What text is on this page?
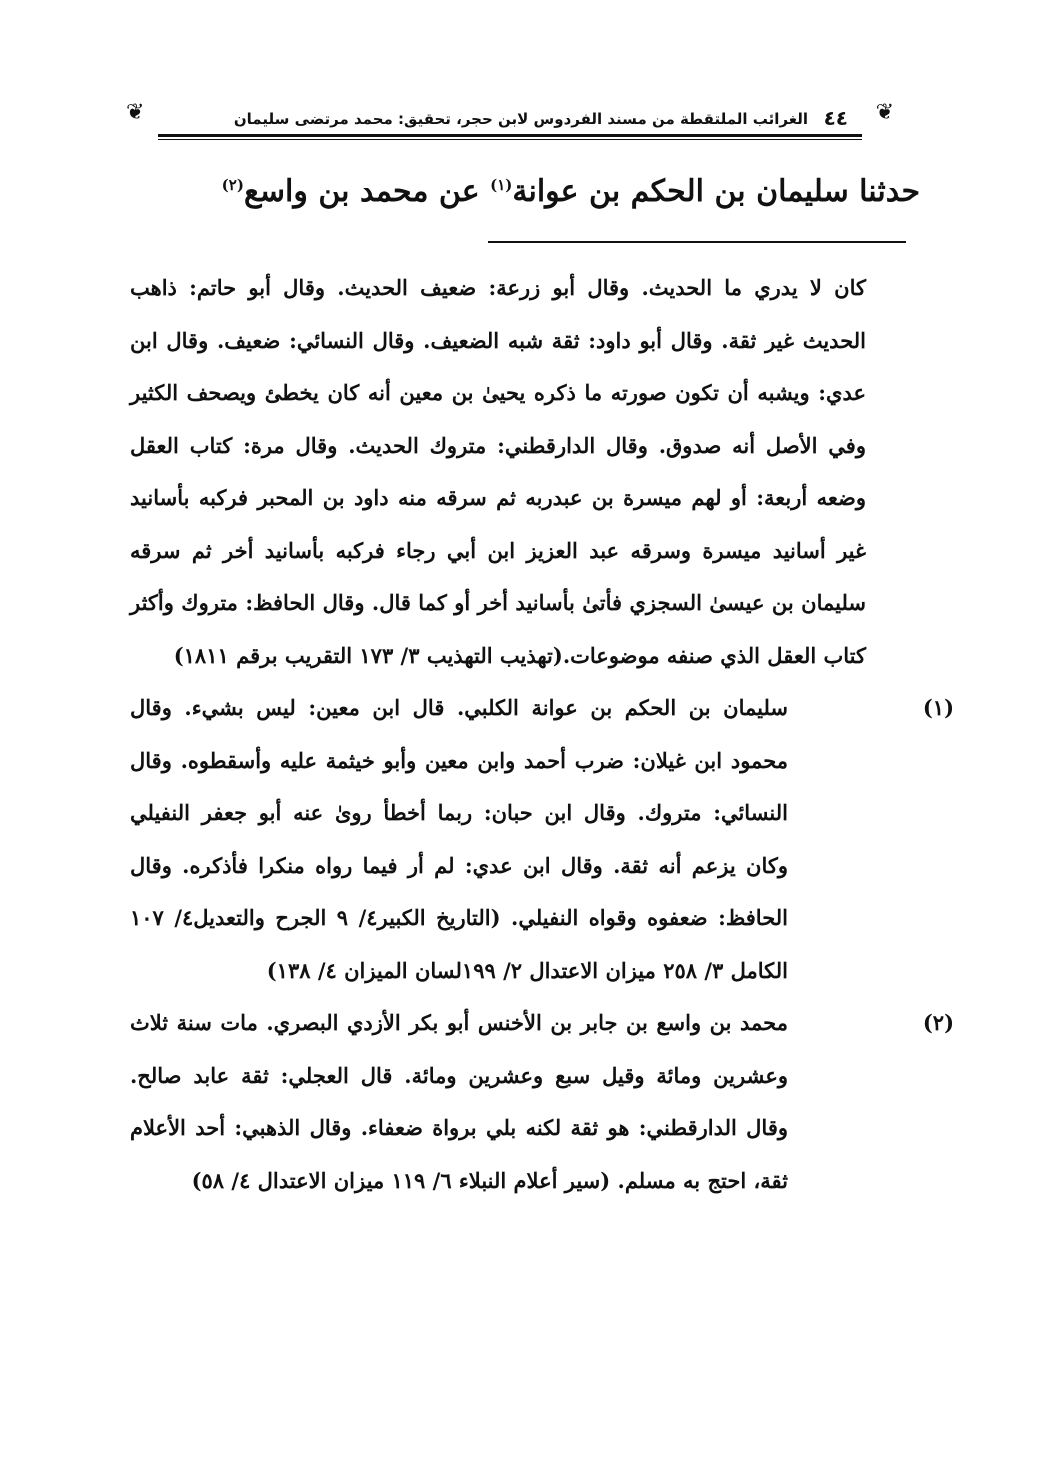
❦
٤٤
الغرائب الملتقطة من مسند الفردوس لابن حجر، تحقيق: محمد مرتضى سليمان
❦
حدثنا سليمان بن الحكم بن عوانة$^{(١)}$ عن محمد بن واسع$^{(٢)}$

كان لا يدري ما الحديث. وقال أبو زرعة: ضعيف الحديث. وقال أبو حاتم: ذاهب الحديث غير ثقة. وقال أبو داود: ثقة شبه الضعيف. وقال النسائي: ضعيف. وقال ابن عدي: ويشبه أن تكون صورته ما ذكره يحيىٰ بن معين أنه كان يخطئ ويصحف الكثير وفي الأصل أنه صدوق. وقال الدارقطني: متروك الحديث. وقال مرة: كتاب العقل وضعه أربعة: أو لهم ميسرة بن عبدربه ثم سرقه منه داود بن المحبر فركبه بأسانيد غير أسانيد ميسرة وسرقه عبد العزيز ابن أبي رجاء فركبه بأسانيد أخر ثم سرقه سليمان بن عيسىٰ السجزي فأتىٰ بأسانيد أخر أو كما قال. وقال الحافظ: متروك وأكثر كتاب العقل الذي صنفه موضوعات.(تهذيب التهذيب ٣/ ١٧٣ التقريب برقم ١٨١١)

(١)
سليمان بن الحكم بن عوانة الكلبي. قال ابن معين: ليس بشيء. وقال محمود ابن غيلان: ضرب أحمد وابن معين وأبو خيثمة عليه وأسقطوه. وقال النسائي: متروك. وقال ابن حبان: ربما أخطأ روىٰ عنه أبو جعفر النفيلي وكان يزعم أنه ثقة. وقال ابن عدي: لم أر فيما رواه منكرا فأذكره. وقال الحافظ: ضعفوه وقواه النفيلي. (التاريخ الكبير٤/ ٩ الجرح والتعديل٤/ ١٠٧ الكامل ٣/ ٢٥٨ ميزان الاعتدال ٢/ ١٩٩لسان الميزان ٤/ ١٣٨)
(٢)
محمد بن واسع بن جابر بن الأخنس أبو بكر الأزدي البصري. مات سنة ثلاث وعشرين ومائة وقيل سبع وعشرين ومائة. قال العجلي: ثقة عابد صالح. وقال الدارقطني: هو ثقة لكنه بلي برواة ضعفاء. وقال الذهبي: أحد الأعلام ثقة، احتج به مسلم. (سير أعلام النبلاء ٦/ ١١٩ ميزان الاعتدال ٤/ ٥٨)
